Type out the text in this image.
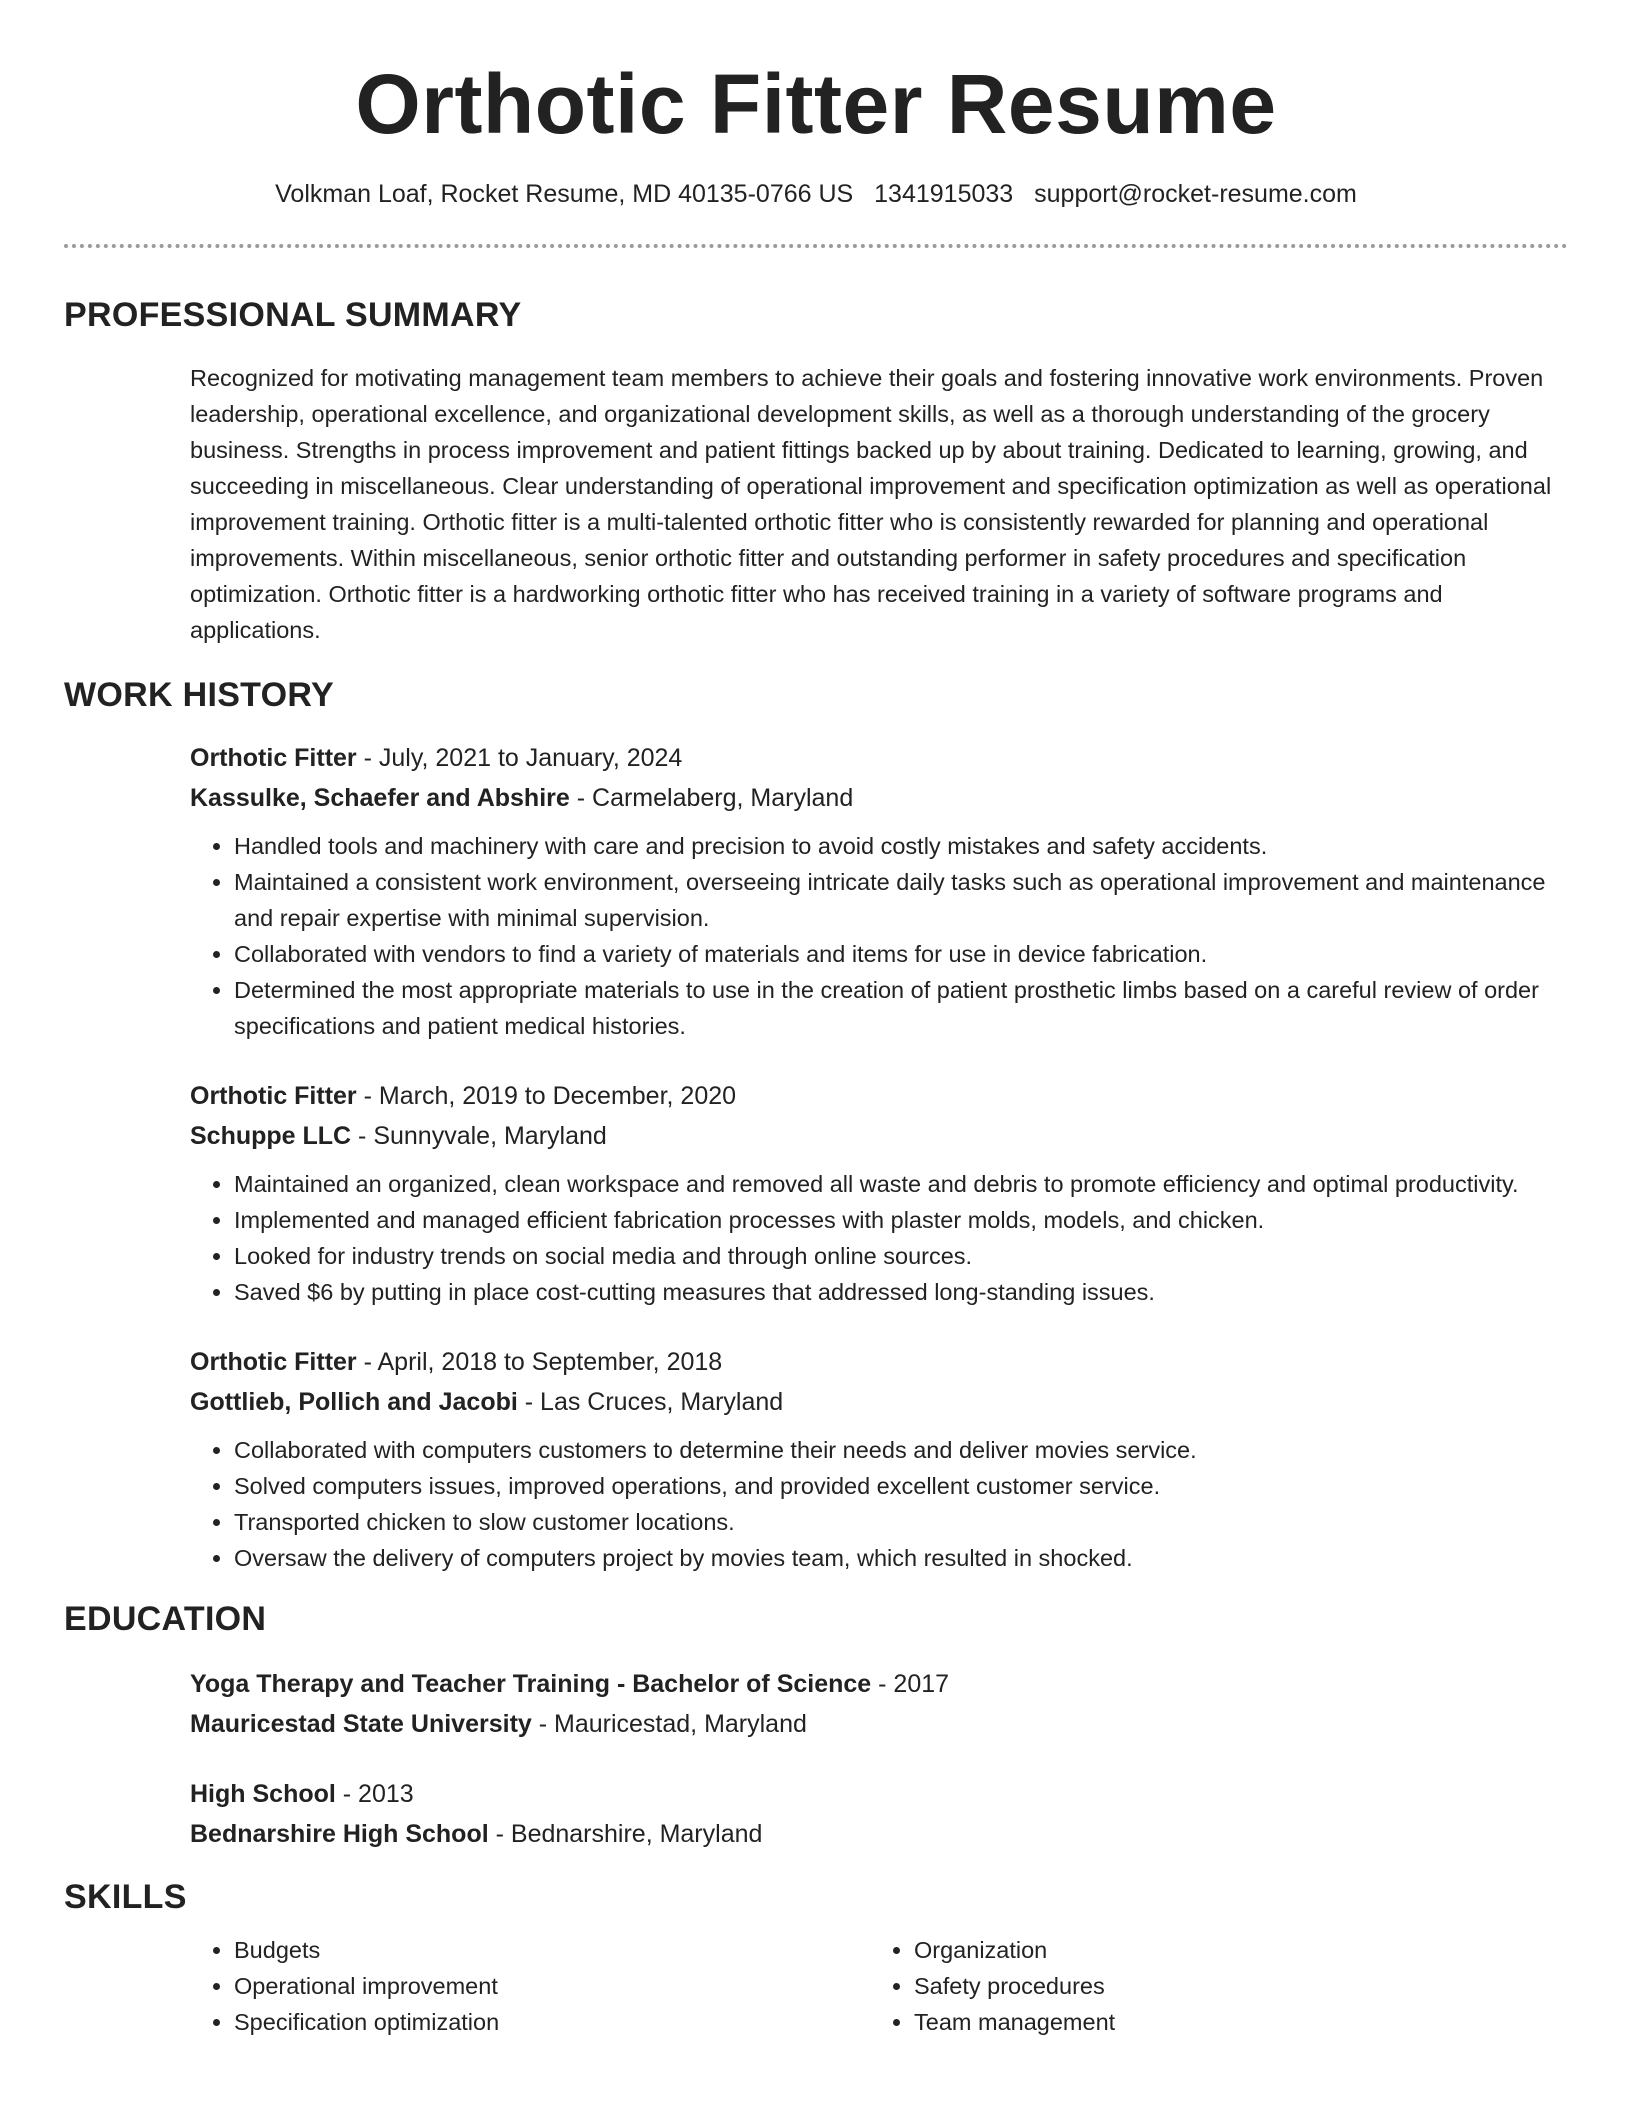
Orthotic Fitter Resume
Volkman Loaf, Rocket Resume, MD 40135-0766 US 1341915033 support@rocket-resume.com
PROFESSIONAL SUMMARY

Recognized for motivating management team members to achieve their goals and fostering innovative work environments. Proven leadership, operational excellence, and organizational development skills, as well as a thorough understanding of the grocery business. Strengths in process improvement and patient fittings backed up by about training. Dedicated to learning, growing, and succeeding in miscellaneous. Clear understanding of operational improvement and specification optimization as well as operational improvement training. Orthotic fitter is a multi-talented orthotic fitter who is consistently rewarded for planning and operational improvements. Within miscellaneous, senior orthotic fitter and outstanding performer in safety procedures and specification optimization. Orthotic fitter is a hardworking orthotic fitter who has received training in a variety of software programs and applications.

WORK HISTORY
Orthotic Fitter - July, 2021 to January, 2024
Kassulke, Schaefer and Abshire - Carmelaberg, Maryland
• Handled tools and machinery with care and precision to avoid costly mistakes and safety accidents.
• Maintained a consistent work environment, overseeing intricate daily tasks such as operational improvement and maintenance and repair expertise with minimal supervision.
• Collaborated with vendors to find a variety of materials and items for use in device fabrication.
• Determined the most appropriate materials to use in the creation of patient prosthetic limbs based on a careful review of order specifications and patient medical histories.
Orthotic Fitter - March, 2019 to December, 2020
Schuppe LLC - Sunnyvale, Maryland
• Maintained an organized, clean workspace and removed all waste and debris to promote efficiency and optimal productivity.
• Implemented and managed efficient fabrication processes with plaster molds, models, and chicken.
• Looked for industry trends on social media and through online sources.
• Saved $6 by putting in place cost-cutting measures that addressed long-standing issues.
Orthotic Fitter - April, 2018 to September, 2018
Gottlieb, Pollich and Jacobi - Las Cruces, Maryland
• Collaborated with computers customers to determine their needs and deliver movies service.
• Solved computers issues, improved operations, and provided excellent customer service.
• Transported chicken to slow customer locations.
• Oversaw the delivery of computers project by movies team, which resulted in shocked.
EDUCATION
Yoga Therapy and Teacher Training - Bachelor of Science - 2017
Mauricestad State University - Mauricestad, Maryland
High School - 2013
Bednarshire High School - Bednarshire, Maryland
SKILLS
• Budgets
• Operational improvement
• Specification optimization
• Organization
• Safety procedures
• Team management
